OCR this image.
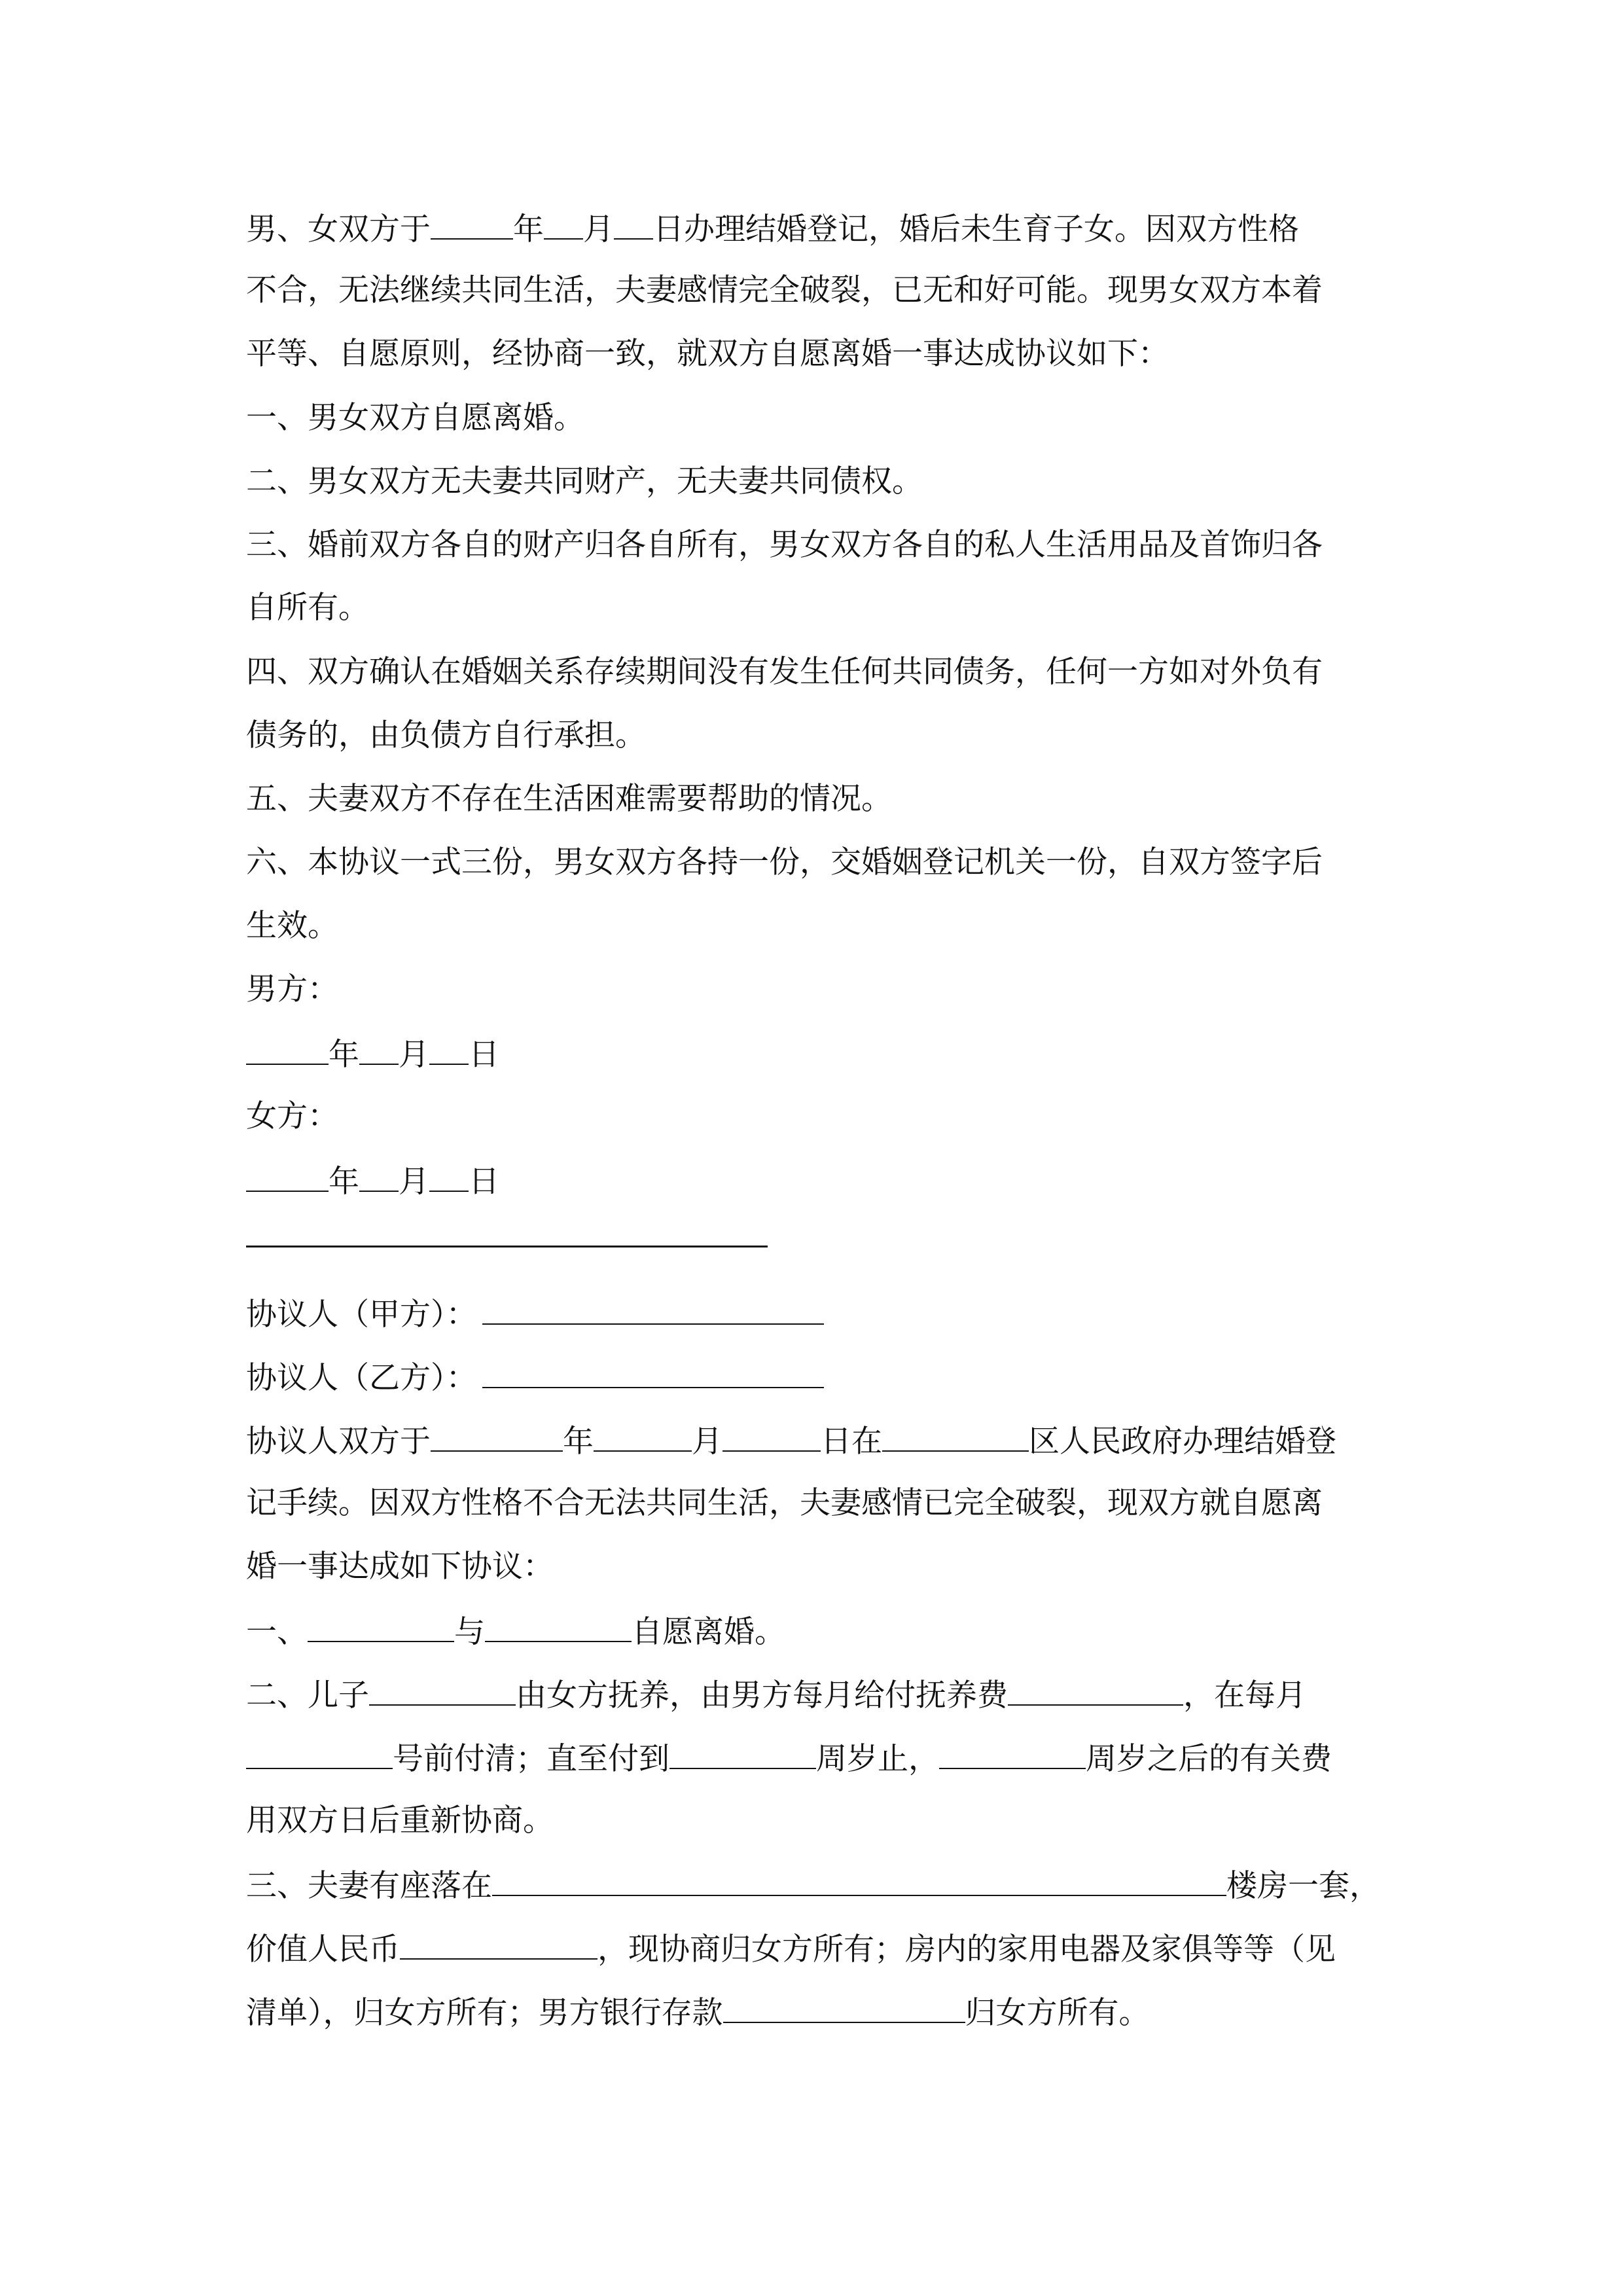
男、女双方于	年 月 日办理结婚登记，婚后未生育子女。因双方性格
不合，无法继续共同生活，夫妻感情完全破裂，已无和好可能。现男女双方本着
平等、自愿原则，经协商一致，就双方自愿离婚一事达成协议如下：
一、男女双方自愿离婚。
二、男女双方无夫妻共同财产，无夫妻共同债权。
三、婚前双方各自的财产归各自所有，男女双方各自的私人生活用品及首饰归各
自所有。
四、双方确认在婚姻关系存续期间没有发生任何共同债务，任何一方如对外负有
债务的，由负债方自行承担。
五、夫妻双方不存在生活困难需要帮助的情况。
六、本协议一式三份，男女双方各持一份，交婚姻登记机关一份，自双方签字后
生效。
男方：
年 月 日
女方：
年 月 日
协议人（甲方）：
协议人（乙方）：
协议人双方于	年	月	日在	区人民政府办理结婚登
记手续。因双方性格不合无法共同生活，夫妻感情已完全破裂，现双方就自愿离
婚一事达成如下协议：
一、	与	自愿离婚。
二、儿子	由女方抚养，由男方每月给付抚养费	，在每月
号前付清；直至付到	周岁止，	周岁之后的有关费
用双方日后重新协商。
三、夫妻有座落在	楼房一套，
价值人民币	，现协商归女方所有；房内的家用电器及家俱等等（见
清单），归女方所有；男方银行存款	归女方所有。
